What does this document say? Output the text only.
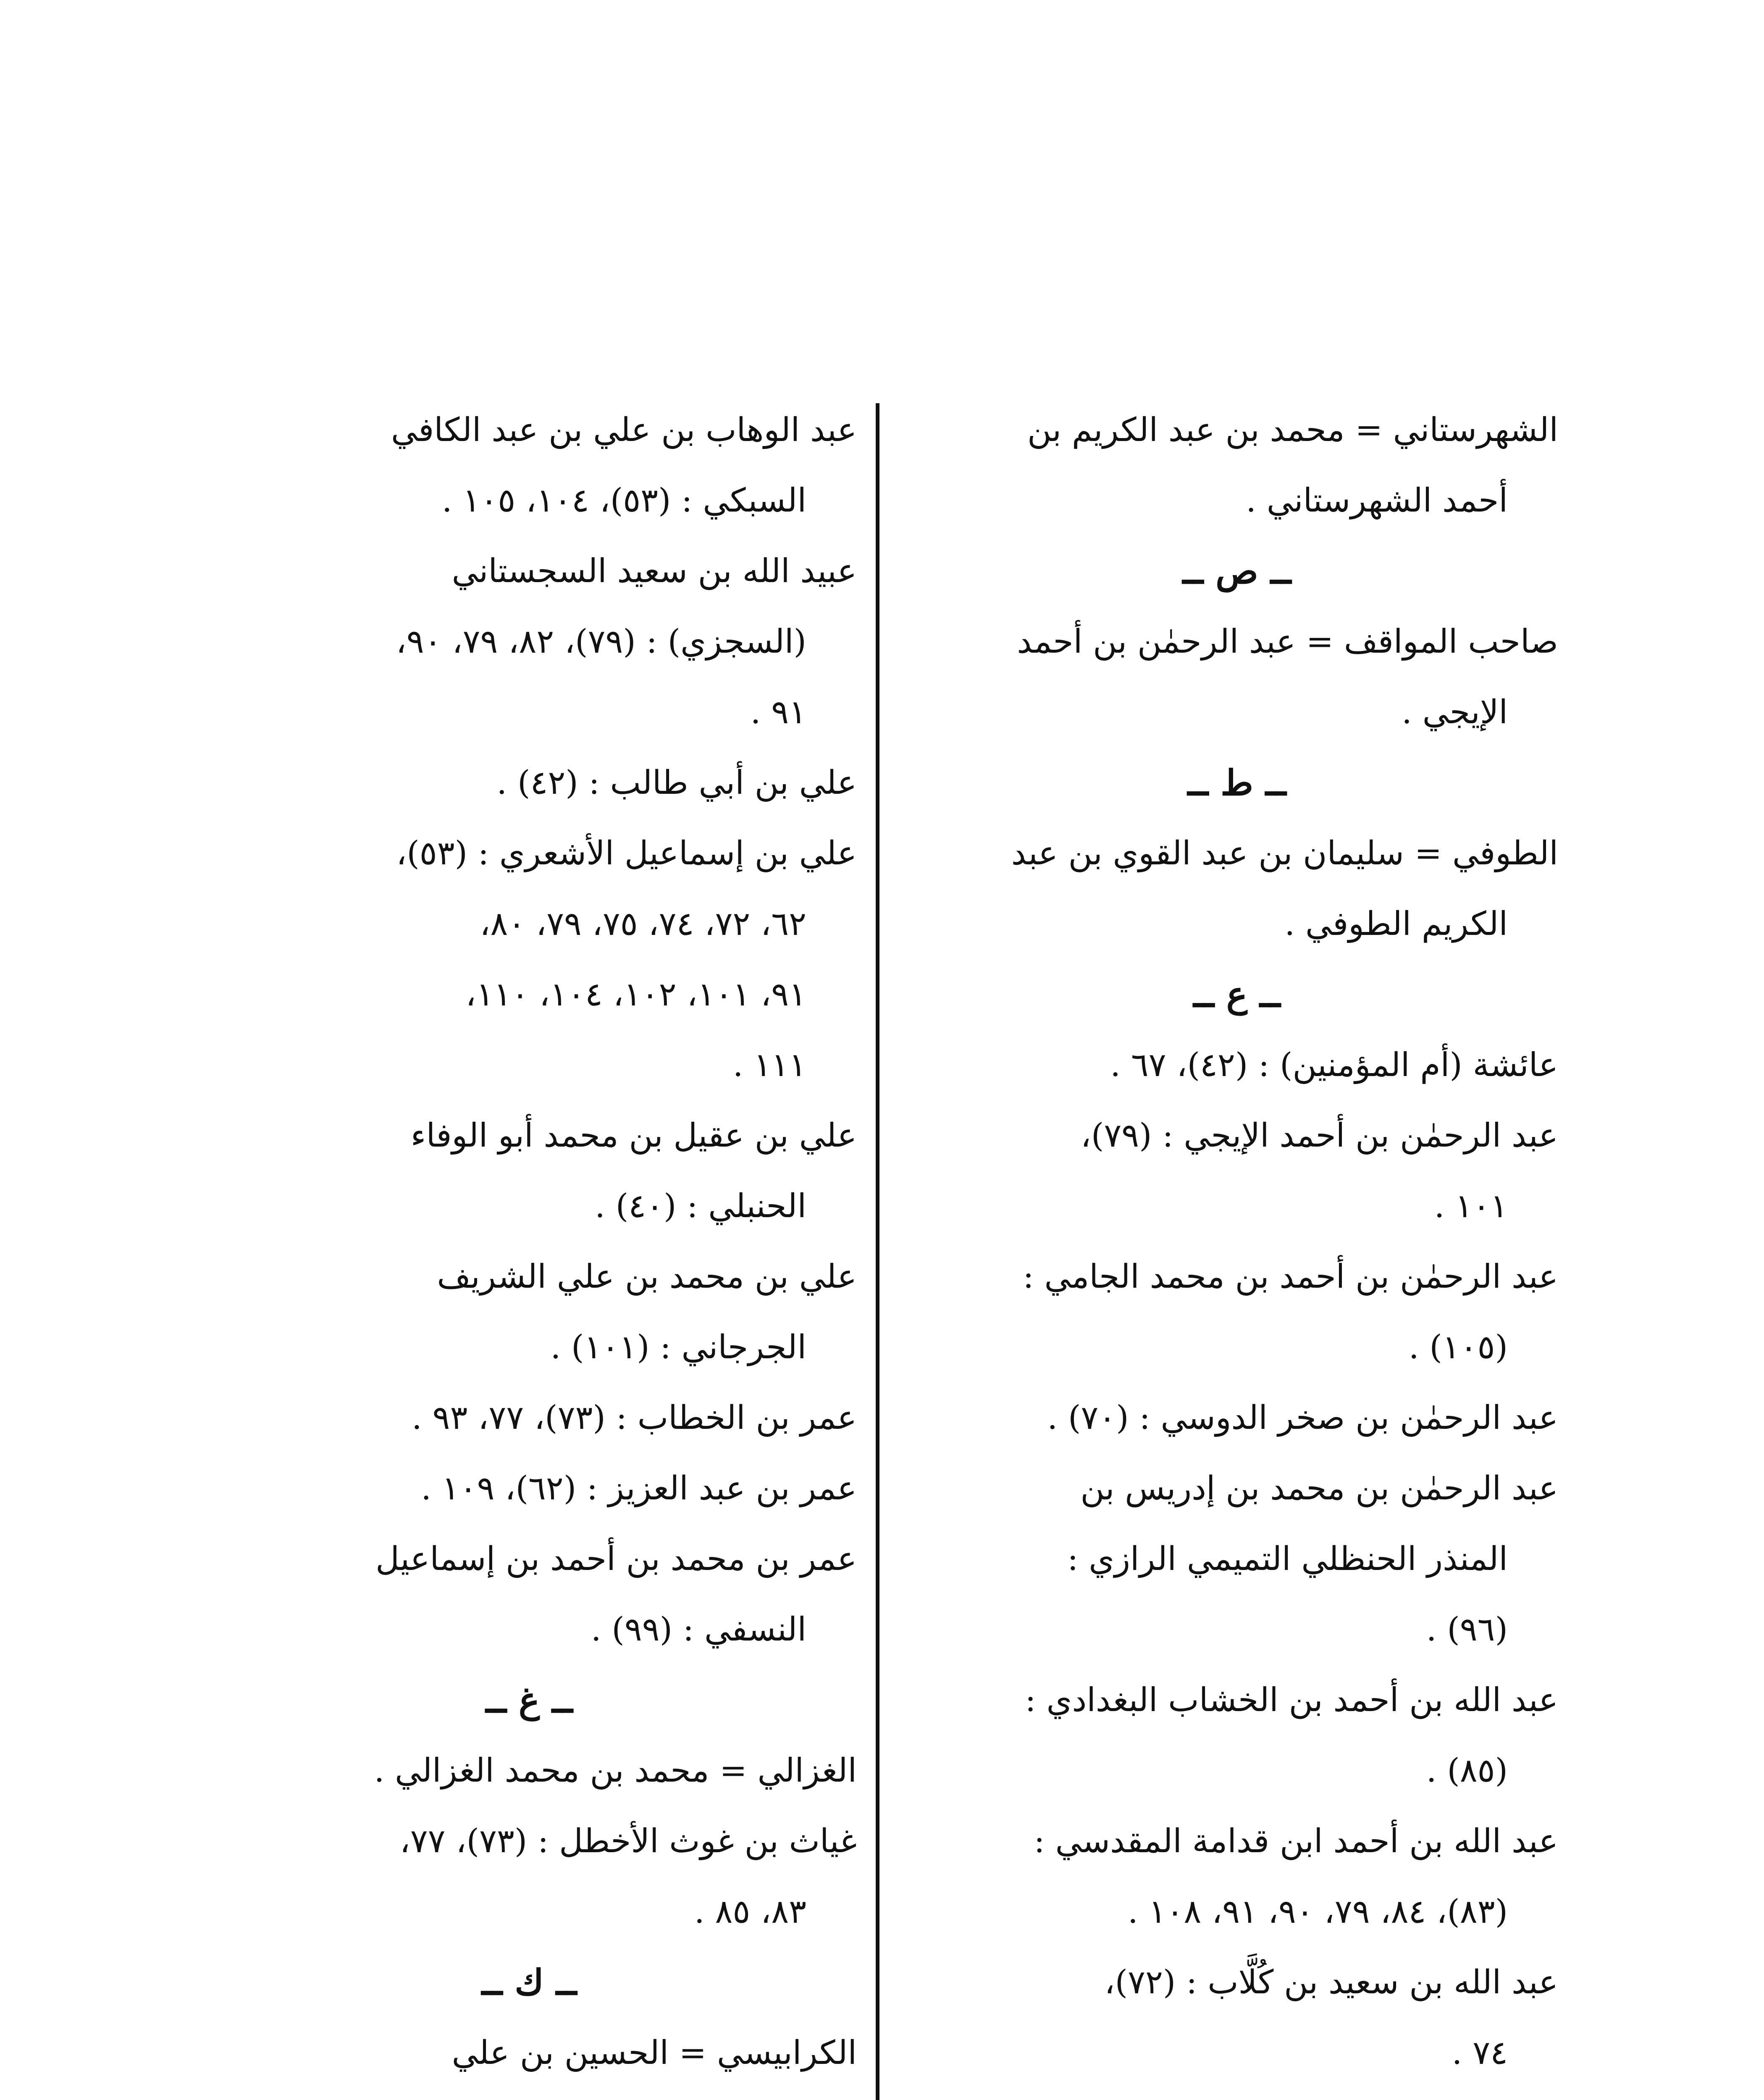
الشهرستاني = محمد بن عبد الكريم بن
أحمد الشهرستاني .
ــ ص ــ
صاحب المواقف = عبد الرحمٰن بن أحمد
الإيجي .
ــ ط ــ
الطوفي = سليمان بن عبد القوي بن عبد
الكريم الطوفي .
ــ ع ــ
عائشة (أم المؤمنين) : (٤٢)، ٦٧ .
عبد الرحمٰن بن أحمد الإيجي : (٧٩)،
١٠١ .
عبد الرحمٰن بن أحمد بن محمد الجامي :
(١٠٥) .
عبد الرحمٰن بن صخر الدوسي : (٧٠) .
عبد الرحمٰن بن محمد بن إدريس بن
المنذر الحنظلي التميمي الرازي :
(٩٦) .
عبد الله بن أحمد بن الخشاب البغدادي :
(٨٥) .
عبد الله بن أحمد ابن قدامة المقدسي :
(٨٣)، ٨٤، ٧٩، ٩٠، ٩١، ١٠٨ .
عبد الله بن سعيد بن كُلَّاب : (٧٢)،
٧٤ .
عبد الوهاب بن علي بن عبد الكافي
السبكي : (٥٣)، ١٠٤، ١٠٥ .
عبيد الله بن سعيد السجستاني
(السجزي) : (٧٩)، ٨٢، ٧٩، ٩٠،
٩١ .
علي بن أبي طالب : (٤٢) .
علي بن إسماعيل الأشعري : (٥٣)،
٦٢، ٧٢، ٧٤، ٧٥، ٧٩، ٨٠،
٩١، ١٠١، ١٠٢، ١٠٤، ١١٠،
١١١ .
علي بن عقيل بن محمد أبو الوفاء
الحنبلي : (٤٠) .
علي بن محمد بن علي الشريف
الجرجاني : (١٠١) .
عمر بن الخطاب : (٧٣)، ٧٧، ٩٣ .
عمر بن عبد العزيز : (٦٢)، ١٠٩ .
عمر بن محمد بن أحمد بن إسماعيل
النسفي : (٩٩) .
ــ غ ــ
الغزالي = محمد بن محمد الغزالي .
غياث بن غوث الأخطل : (٧٣)، ٧٧،
٨٣، ٨٥ .
ــ ك ــ
الكرابيسي = الحسين بن علي
